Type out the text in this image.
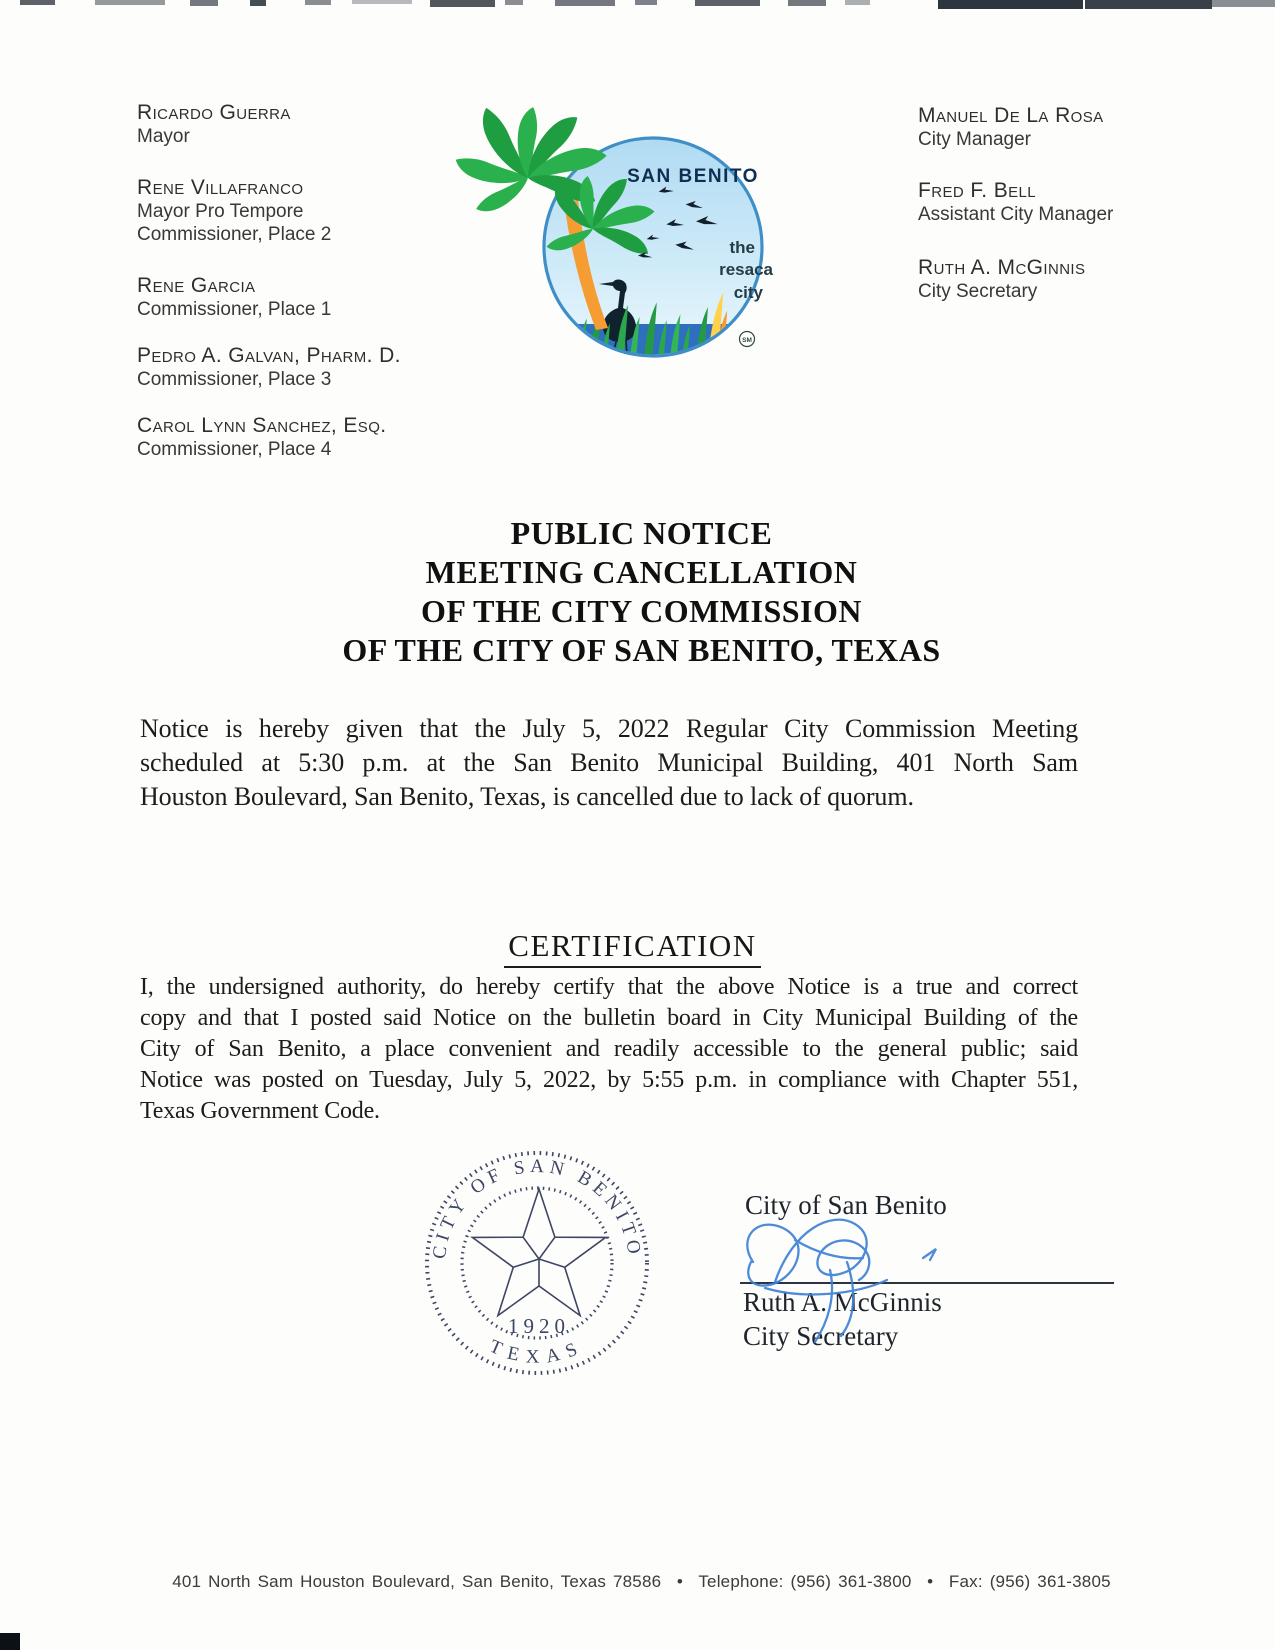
Ricardo Guerra
Mayor
Rene Villafranco
Mayor Pro Tempore
Commissioner, Place 2
Rene Garcia
Commissioner, Place 1
Pedro A. Galvan, Pharm. D.
Commissioner, Place 3
Carol Lynn Sanchez, Esq.
Commissioner, Place 4
Manuel De La Rosa
City Manager
Fred F. Bell
Assistant City Manager
Ruth A. McGinnis
City Secretary
SAN BENITO
the
resaca
city
SM
PUBLIC NOTICE
MEETING CANCELLATION
OF THE CITY COMMISSION
OF THE CITY OF SAN BENITO, TEXAS
Notice is hereby given that the July 5, 2022 Regular City Commission Meeting
scheduled at 5:30 p.m. at the San Benito Municipal Building, 401 North Sam
Houston Boulevard, San Benito, Texas, is cancelled due to lack of quorum.
CERTIFICATION
I, the undersigned authority, do hereby certify that the above Notice is a true and correct
copy and that I posted said Notice on the bulletin board in City Municipal Building of the
City of San Benito, a place convenient and readily accessible to the general public; said
Notice was posted on Tuesday, July 5, 2022, by 5:55 p.m. in compliance with Chapter 551,
Texas Government Code.
CITY OF SAN BENITO
TEXAS
1920
City of San Benito
Ruth A. McGinnis
City Secretary
401 North Sam Houston Boulevard, San Benito, Texas 78586  •  Telephone: (956) 361-3800  •  Fax: (956) 361-3805
